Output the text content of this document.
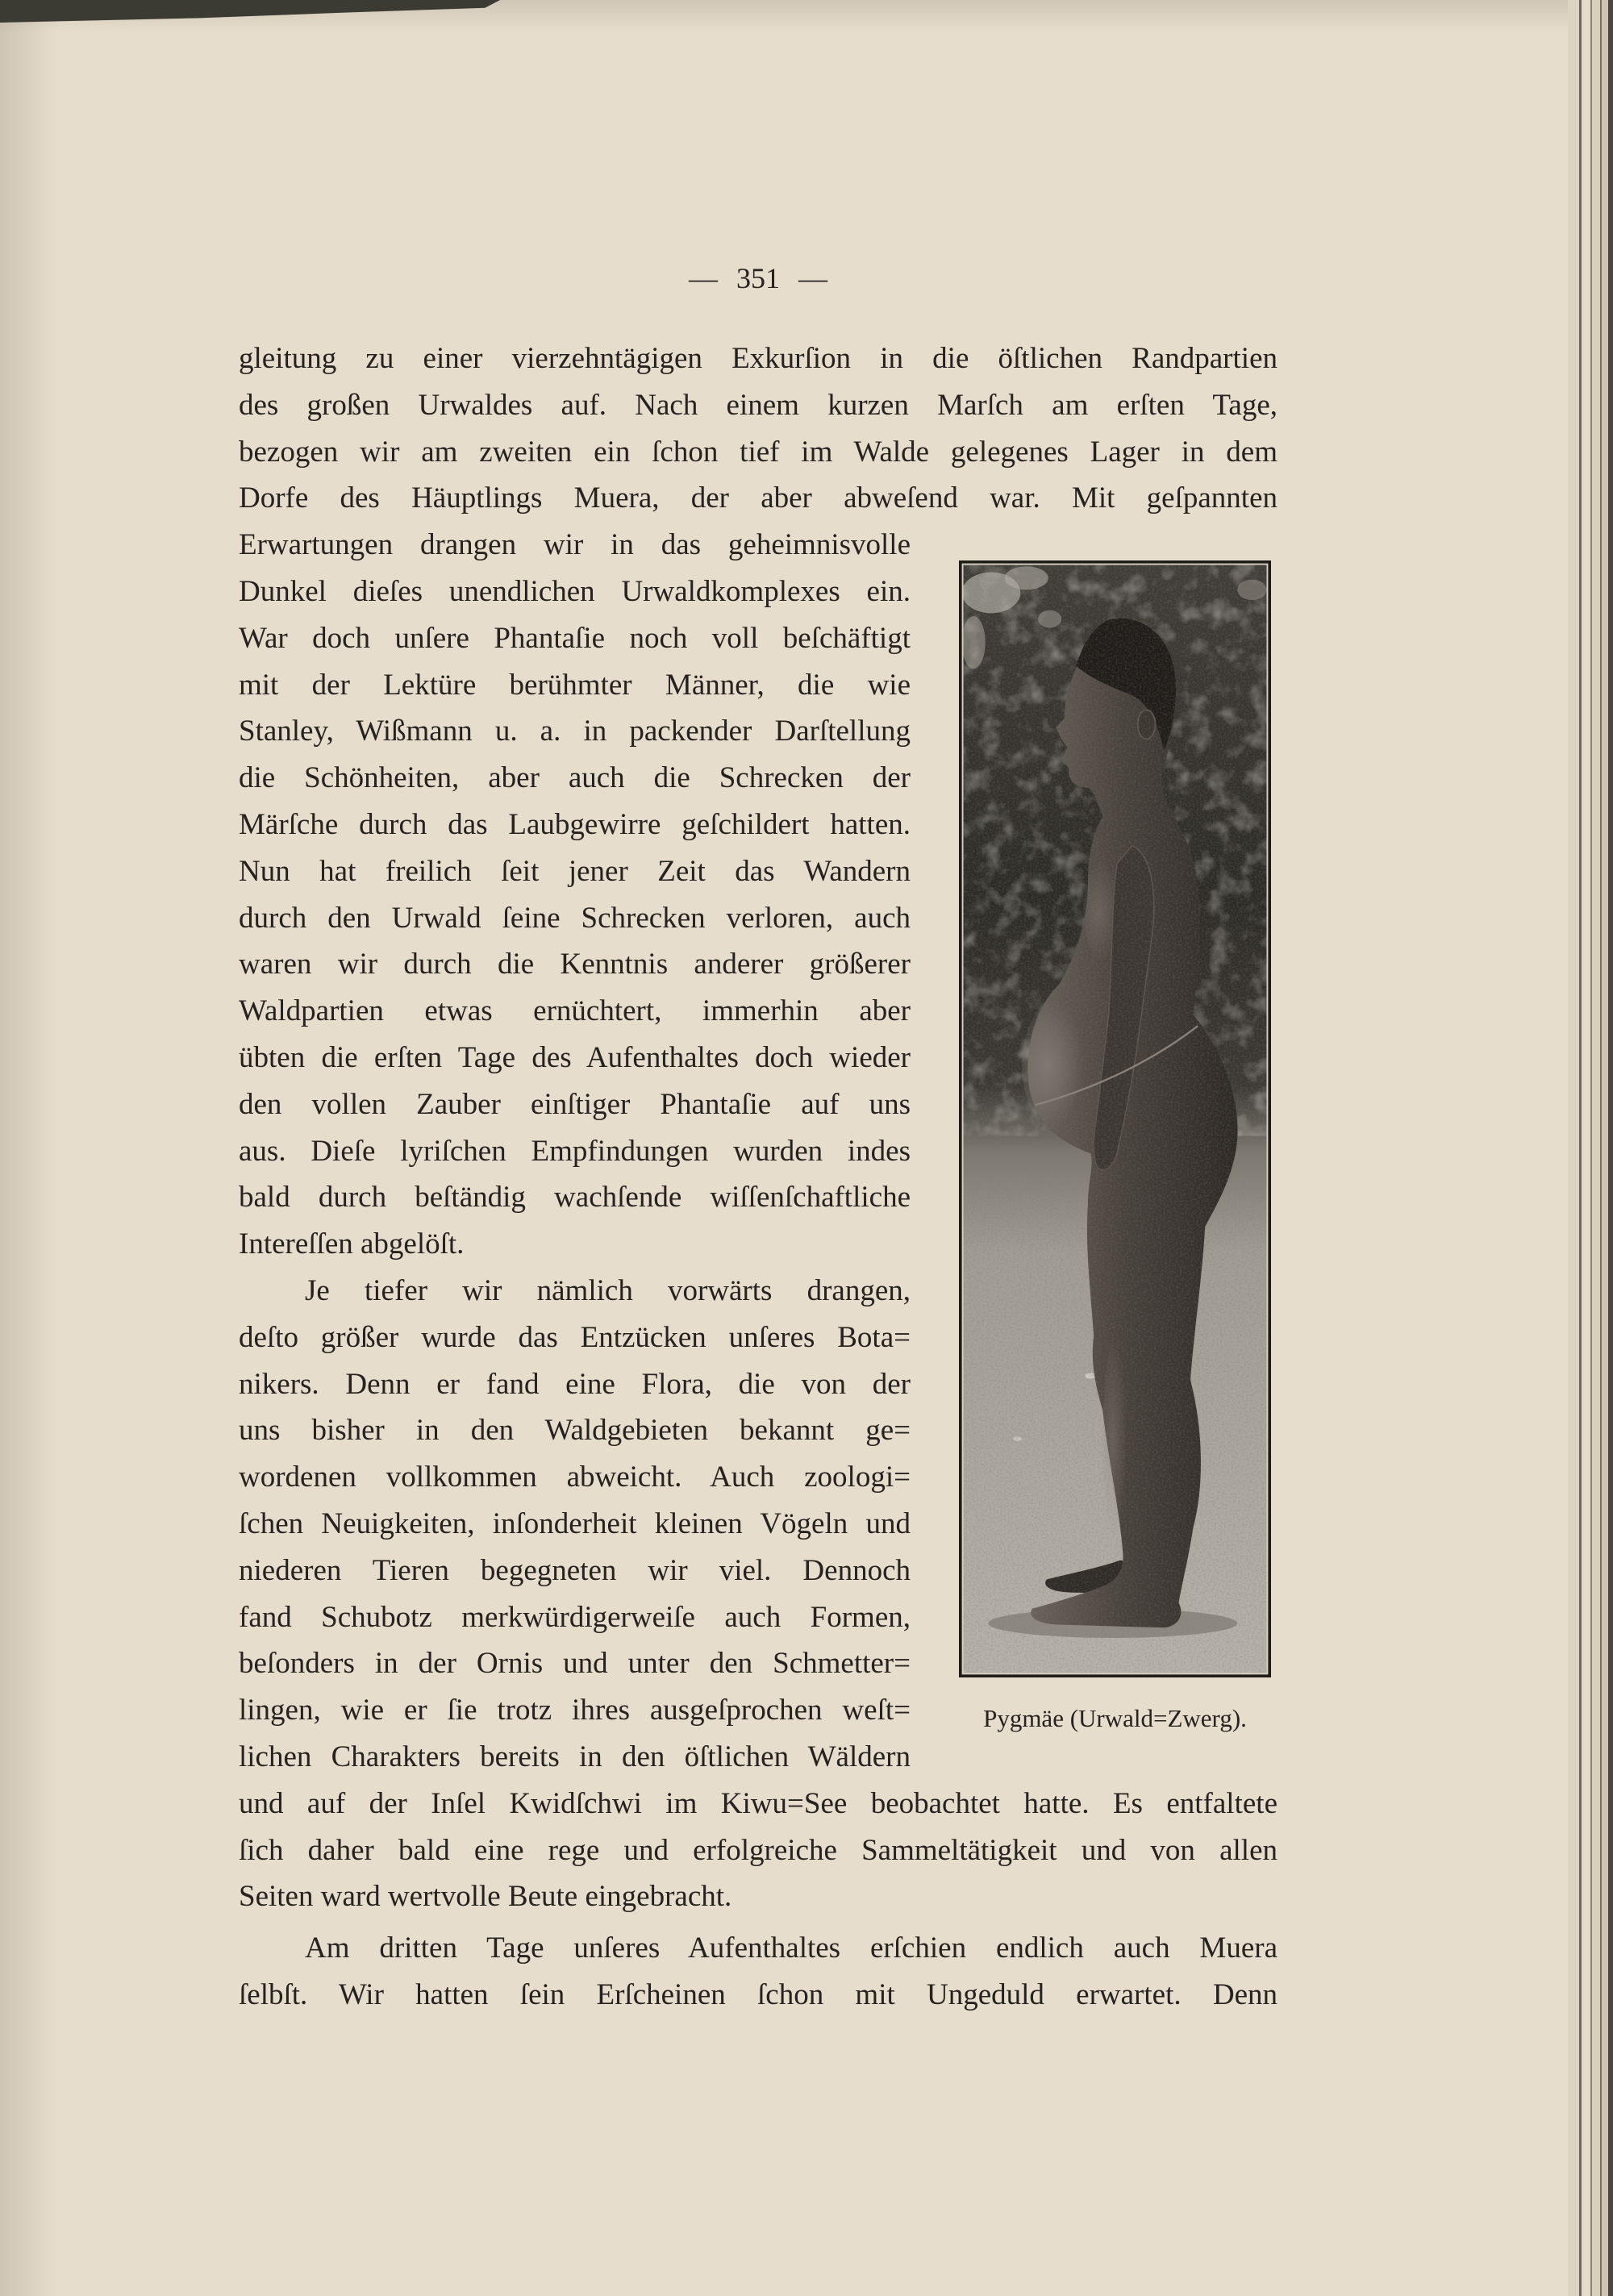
— 351 —
gleitung zu einer vierzehntägigen Exkurſion in die öſtlichen Randpartien
des großen Urwaldes auf. Nach einem kurzen Marſch am erſten Tage,
bezogen wir am zweiten ein ſchon tief im Walde gelegenes Lager in dem
Dorfe des Häuptlings Muera, der aber abweſend war. Mit geſpannten
Erwartungen drangen wir in das geheimnisvolle
Dunkel dieſes unendlichen Urwaldkomplexes ein.
War doch unſere Phantaſie noch voll beſchäftigt
mit der Lektüre berühmter Männer, die wie
Stanley, Wißmann u. a. in packender Darſtellung
die Schönheiten, aber auch die Schrecken der
Märſche durch das Laubgewirre geſchildert hatten.
Nun hat freilich ſeit jener Zeit das Wandern
durch den Urwald ſeine Schrecken verloren, auch
waren wir durch die Kenntnis anderer größerer
Waldpartien etwas ernüchtert, immerhin aber
übten die erſten Tage des Aufenthaltes doch wieder
den vollen Zauber einſtiger Phantaſie auf uns
aus. Dieſe lyriſchen Empfindungen wurden indes
bald durch beſtändig wachſende wiſſenſchaftliche
Intereſſen abgelöſt.
Je tiefer wir nämlich vorwärts drangen,
deſto größer wurde das Entzücken unſeres Bota=
nikers. Denn er fand eine Flora, die von der
uns bisher in den Waldgebieten bekannt ge=
wordenen vollkommen abweicht. Auch zoologi=
ſchen Neuigkeiten, inſonderheit kleinen Vögeln und
niederen Tieren begegneten wir viel. Dennoch
fand Schubotz merkwürdigerweiſe auch Formen,
beſonders in der Ornis und unter den Schmetter=
lingen, wie er ſie trotz ihres ausgeſprochen weſt=
lichen Charakters bereits in den öſtlichen Wäldern
und auf der Inſel Kwidſchwi im Kiwu=See beobachtet hatte. Es entfaltete
ſich daher bald eine rege und erfolgreiche Sammeltätigkeit und von allen
Seiten ward wertvolle Beute eingebracht.
Am dritten Tage unſeres Aufenthaltes erſchien endlich auch Muera
ſelbſt. Wir hatten ſein Erſcheinen ſchon mit Ungeduld erwartet. Denn
Pygmäe (Urwald=Zwerg).
